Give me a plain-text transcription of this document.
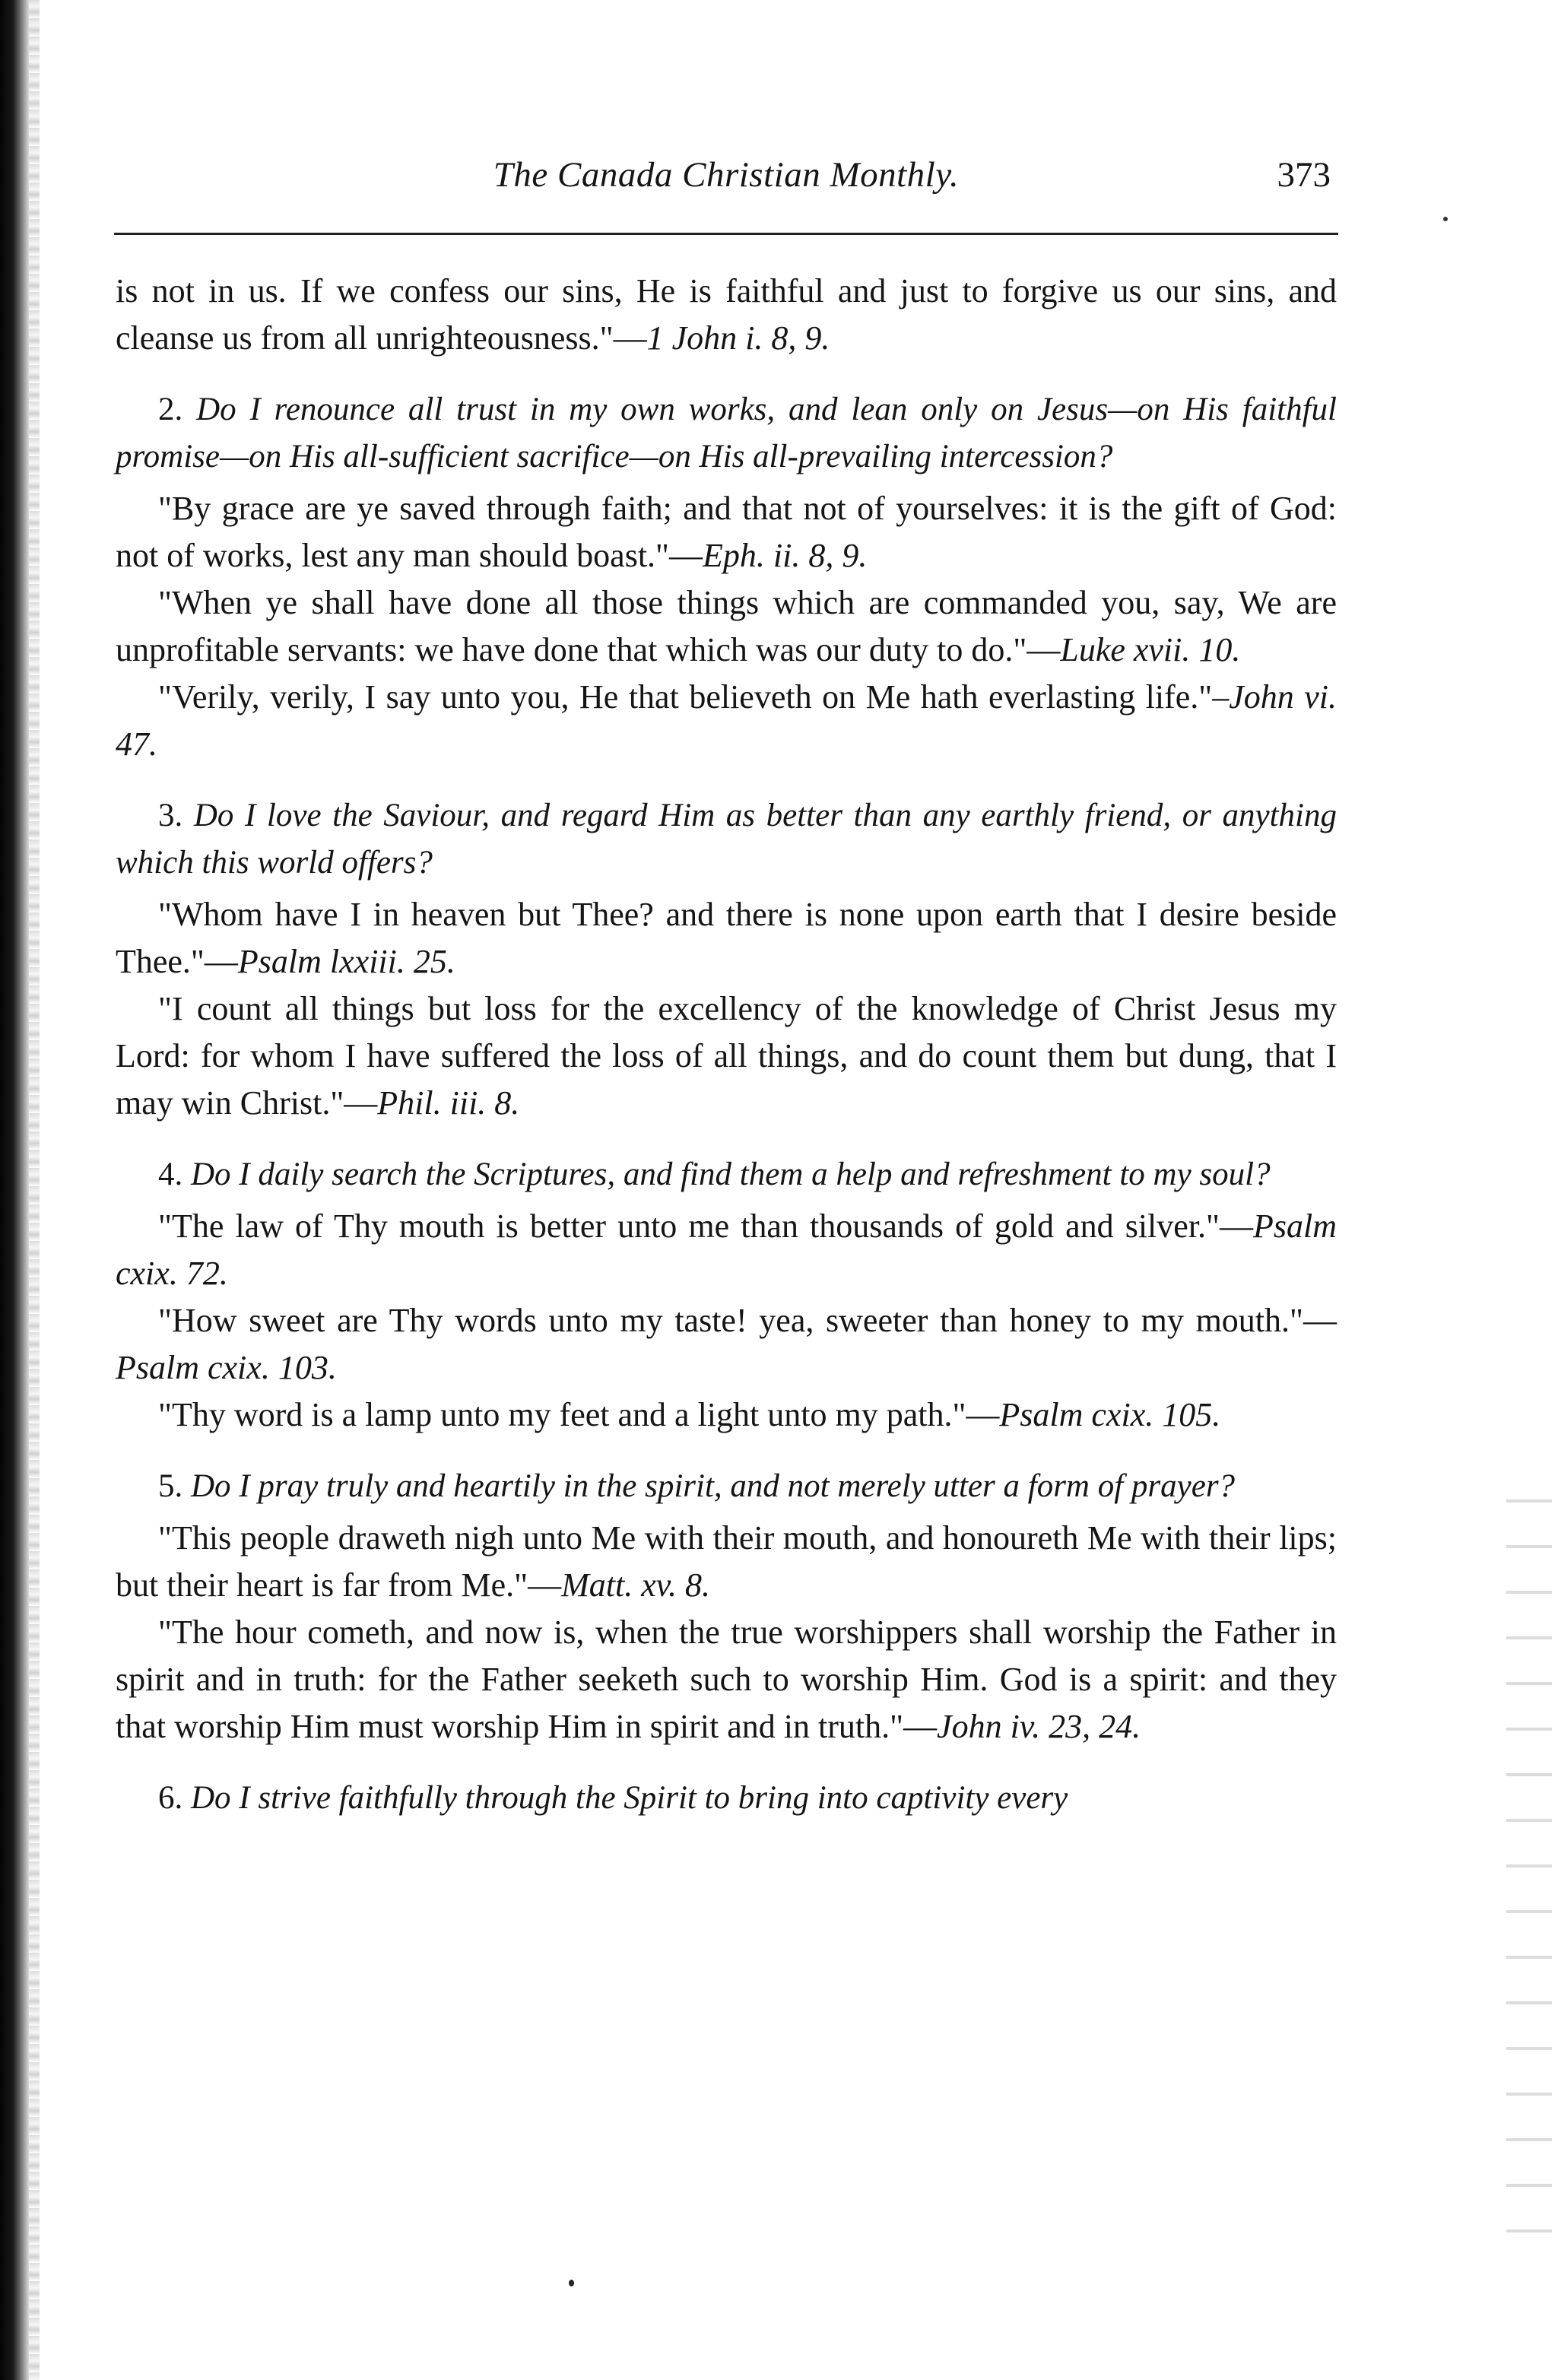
The Canada Christian Monthly.	373

is not in us. If we confess our sins, He is faithful and just to forgive us our sins, and cleanse us from all unrighteousness."—1 John i. 8, 9.

2. Do I renounce all trust in my own works, and lean only on Jesus—on His faithful promise—on His all-sufficient sacrifice—on His all-prevailing intercession?

"By grace are ye saved through faith; and that not of yourselves: it is the gift of God: not of works, lest any man should boast."—Eph. ii. 8, 9.

"When ye shall have done all those things which are commanded you, say, We are unprofitable servants: we have done that which was our duty to do."—Luke xvii. 10.

"Verily, verily, I say unto you, He that believeth on Me hath everlasting life."–John vi. 47.

3. Do I love the Saviour, and regard Him as better than any earthly friend, or anything which this world offers?

"Whom have I in heaven but Thee? and there is none upon earth that I desire beside Thee."—Psalm lxxiii. 25.

"I count all things but loss for the excellency of the knowledge of Christ Jesus my Lord: for whom I have suffered the loss of all things, and do count them but dung, that I may win Christ."—Phil. iii. 8.

4. Do I daily search the Scriptures, and find them a help and refreshment to my soul?

"The law of Thy mouth is better unto me than thousands of gold and silver."—Psalm cxix. 72.

"How sweet are Thy words unto my taste! yea, sweeter than honey to my mouth."—Psalm cxix. 103.

"Thy word is a lamp unto my feet and a light unto my path."—Psalm cxix. 105.

5. Do I pray truly and heartily in the spirit, and not merely utter a form of prayer?

"This people draweth nigh unto Me with their mouth, and honoureth Me with their lips; but their heart is far from Me."—Matt. xv. 8.

"The hour cometh, and now is, when the true worshippers shall worship the Father in spirit and in truth: for the Father seeketh such to worship Him. God is a spirit: and they that worship Him must worship Him in spirit and in truth."—John iv. 23, 24.

6. Do I strive faithfully through the Spirit to bring into captivity every
